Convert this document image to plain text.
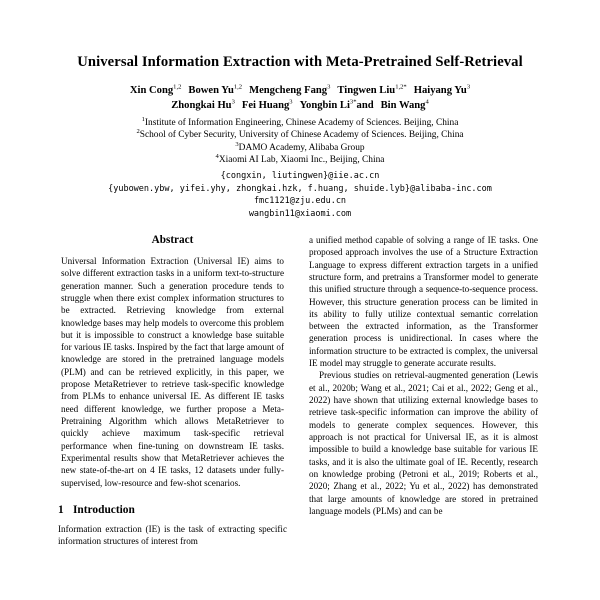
Universal Information Extraction with Meta-Pretrained Self-Retrieval
Xin Cong$^{1,2}$ Bowen Yu$^{1,2}$ Mengcheng Fang$^3$ Tingwen Liu$^{1,2*}$ Haiyang Yu$^3$
Zhongkai Hu$^3$ Fei Huang$^3$ Yongbin $Li^{3*}and$ Bin Wang$^4$
$^1$Institute of Information Engineering, Chinese Academy of Sciences. Beijing, China
$^2$School of Cyber Security, University of Chinese Academy of Sciences. Beijing, China
$^3$DAMO Academy, Alibaba Group
$^4$Xiaomi AI Lab, Xiaomi Inc., Beijing, China
{congxin, liutingwen}@iie.ac.cn
{yubowen.ybw, yifei.yhy, zhongkai.hzk, f.huang, shuide.lyb}@alibaba-inc.com
fmc1121@zju.edu.cn
wangbin11@xiaomi.com
Abstract

Universal Information Extraction (Universal IE) aims to solve different extraction tasks in a uniform text-to-structure generation manner. Such a generation procedure tends to struggle when there exist complex information structures to be extracted. Retrieving knowledge from external knowledge bases may help models to overcome this problem but it is impossible to construct a knowledge base suitable for various IE tasks. Inspired by the fact that large amount of knowledge are stored in the pretrained language models (PLM) and can be retrieved explicitly, in this paper, we propose MetaRetriever to retrieve task-specific knowledge from PLMs to enhance universal IE. As different IE tasks need different knowledge, we further propose a Meta-Pretraining Algorithm which allows MetaRetriever to quickly achieve maximum task-specific retrieval performance when fine-tuning on downstream IE tasks. Experimental results show that MetaRetriever achieves the new state-of-the-art on 4 IE tasks, 12 datasets under fully-supervised, low-resource and few-shot scenarios.

1 Introduction

Information extraction (IE) is the task of extracting specific information structures of interest from

a unified method capable of solving a range of IE tasks. One proposed approach involves the use of a Structure Extraction Language to express different extraction targets in a unified structure form, and pretrains a Transformer model to generate this unified structure through a sequence-to-sequence process. However, this structure generation process can be limited in its ability to fully utilize contextual semantic correlation between the extracted information, as the Transformer generation process is unidirectional. In cases where the information structure to be extracted is complex, the universal IE model may struggle to generate accurate results.

Previous studies on retrieval-augmented generation (Lewis et al., 2020b; Wang et al., 2021; Cai et al., 2022; Geng et al., 2022) have shown that utilizing external knowledge bases to retrieve task-specific information can improve the ability of models to generate complex sequences. However, this approach is not practical for Universal IE, as it is almost impossible to build a knowledge base suitable for various IE tasks, and it is also the ultimate goal of IE. Recently, research on knowledge probing (Petroni et al., 2019; Roberts et al., 2020; Zhang et al., 2022; Yu et al., 2022) has demonstrated that large amounts of knowledge are stored in pretrained language models (PLMs) and can be
